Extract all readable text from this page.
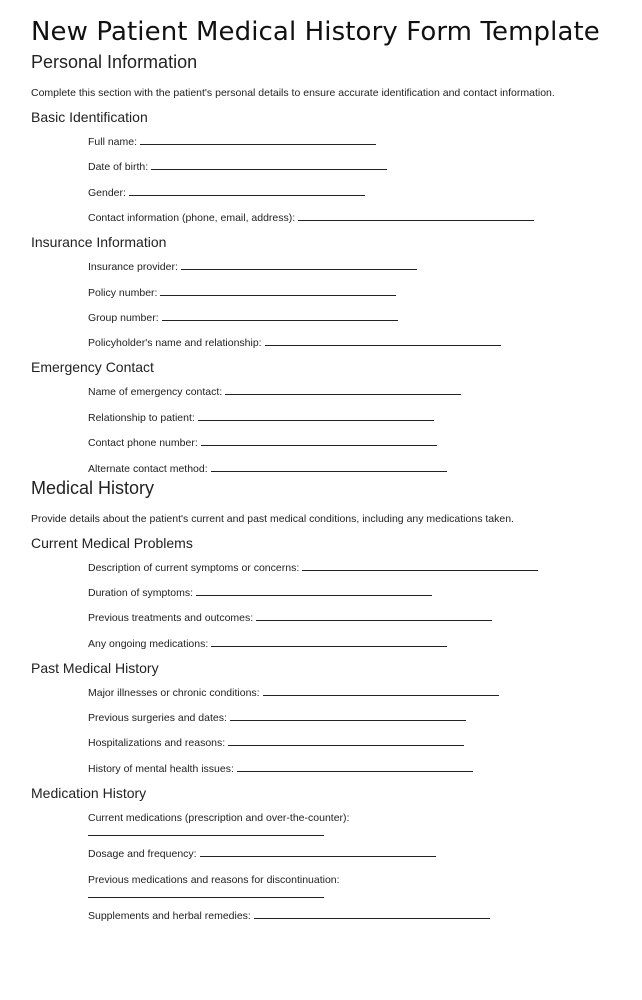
New Patient Medical History Form Template
Personal Information

Complete this section with the patient's personal details to ensure accurate identification and contact information.

Basic Identification
Full name:
Date of birth:
Gender:
Contact information (phone, email, address):
Insurance Information
Insurance provider:
Policy number:
Group number:
Policyholder's name and relationship:
Emergency Contact
Name of emergency contact:
Relationship to patient:
Contact phone number:
Alternate contact method:
Medical History

Provide details about the patient's current and past medical conditions, including any medications taken.

Current Medical Problems
Description of current symptoms or concerns:
Duration of symptoms:
Previous treatments and outcomes:
Any ongoing medications:
Past Medical History
Major illnesses or chronic conditions:
Previous surgeries and dates:
Hospitalizations and reasons:
History of mental health issues:
Medication History
Current medications (prescription and over-the-counter):
Dosage and frequency:
Previous medications and reasons for discontinuation:
Supplements and herbal remedies:
